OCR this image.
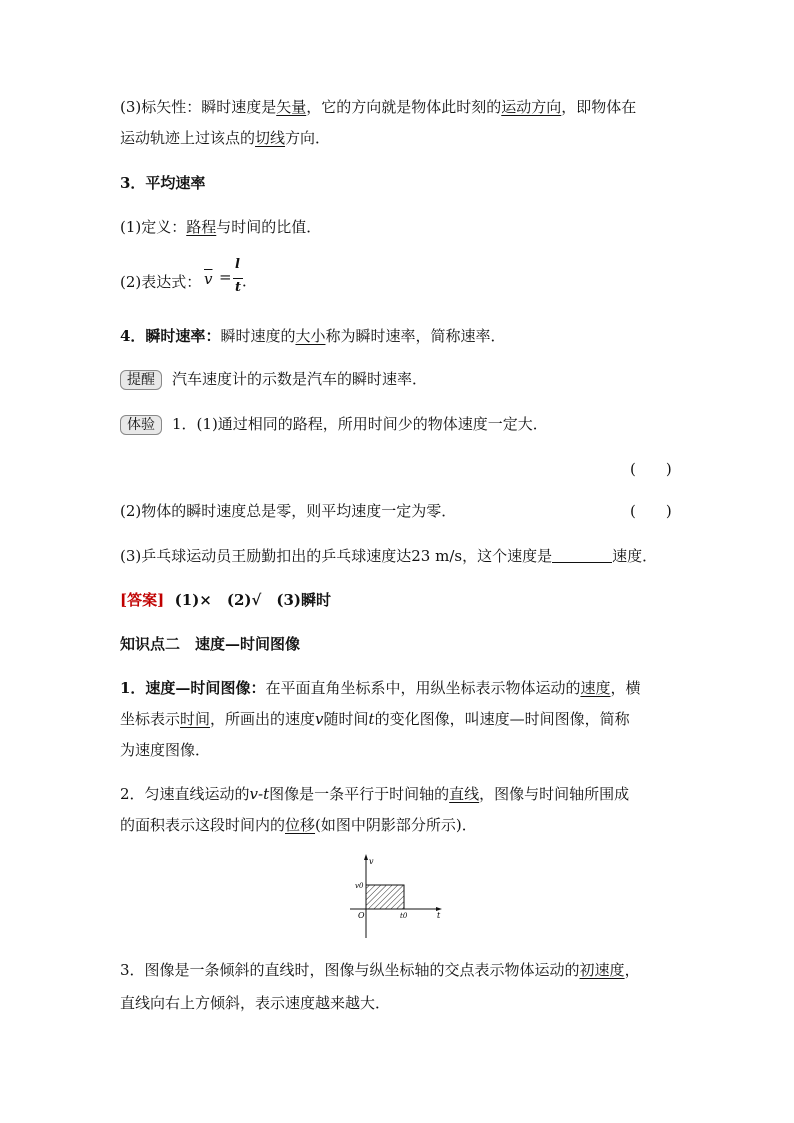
(3)标矢性：瞬时速度是矢量，它的方向就是物体此时刻的运动方向，即物体在
运动轨迹上过该点的切线方向．
3．平均速率
(1)定义：路程与时间的比值．
(2)表达式： $\overline{v}$ =
l
t ．
4．瞬时速率：瞬时速度的大小称为瞬时速率，简称速率．
提醒 汽车速度计的示数是汽车的瞬时速率．
体验 1．(1)通过相同的路程，所用时间少的物体速度一定大．
(　　)
(2)物体的瞬时速度总是零，则平均速度一定为零．	(　　)
(3)乒乓球运动员王励勤扣出的乒乓球速度达23 m/s，这个速度是	速度．
[答案] (1)×　(2)√　(3)瞬时
知识点二　速度—时间图像
1．速度—时间图像：在平面直角坐标系中，用纵坐标表示物体运动的速度，横
坐标表示时间，所画出的速度v随时间t的变化图像，叫速度—时间图像，简称
为速度图像．
2．匀速直线运动的v-t图像是一条平行于时间轴的直线，图像与时间轴所围成
的面积表示这段时间内的位移(如图中阴影部分所示)．
v
t
O
v0
t0
3．图像是一条倾斜的直线时，图像与纵坐标轴的交点表示物体运动的初速度，
直线向右上方倾斜，表示速度越来越大．
